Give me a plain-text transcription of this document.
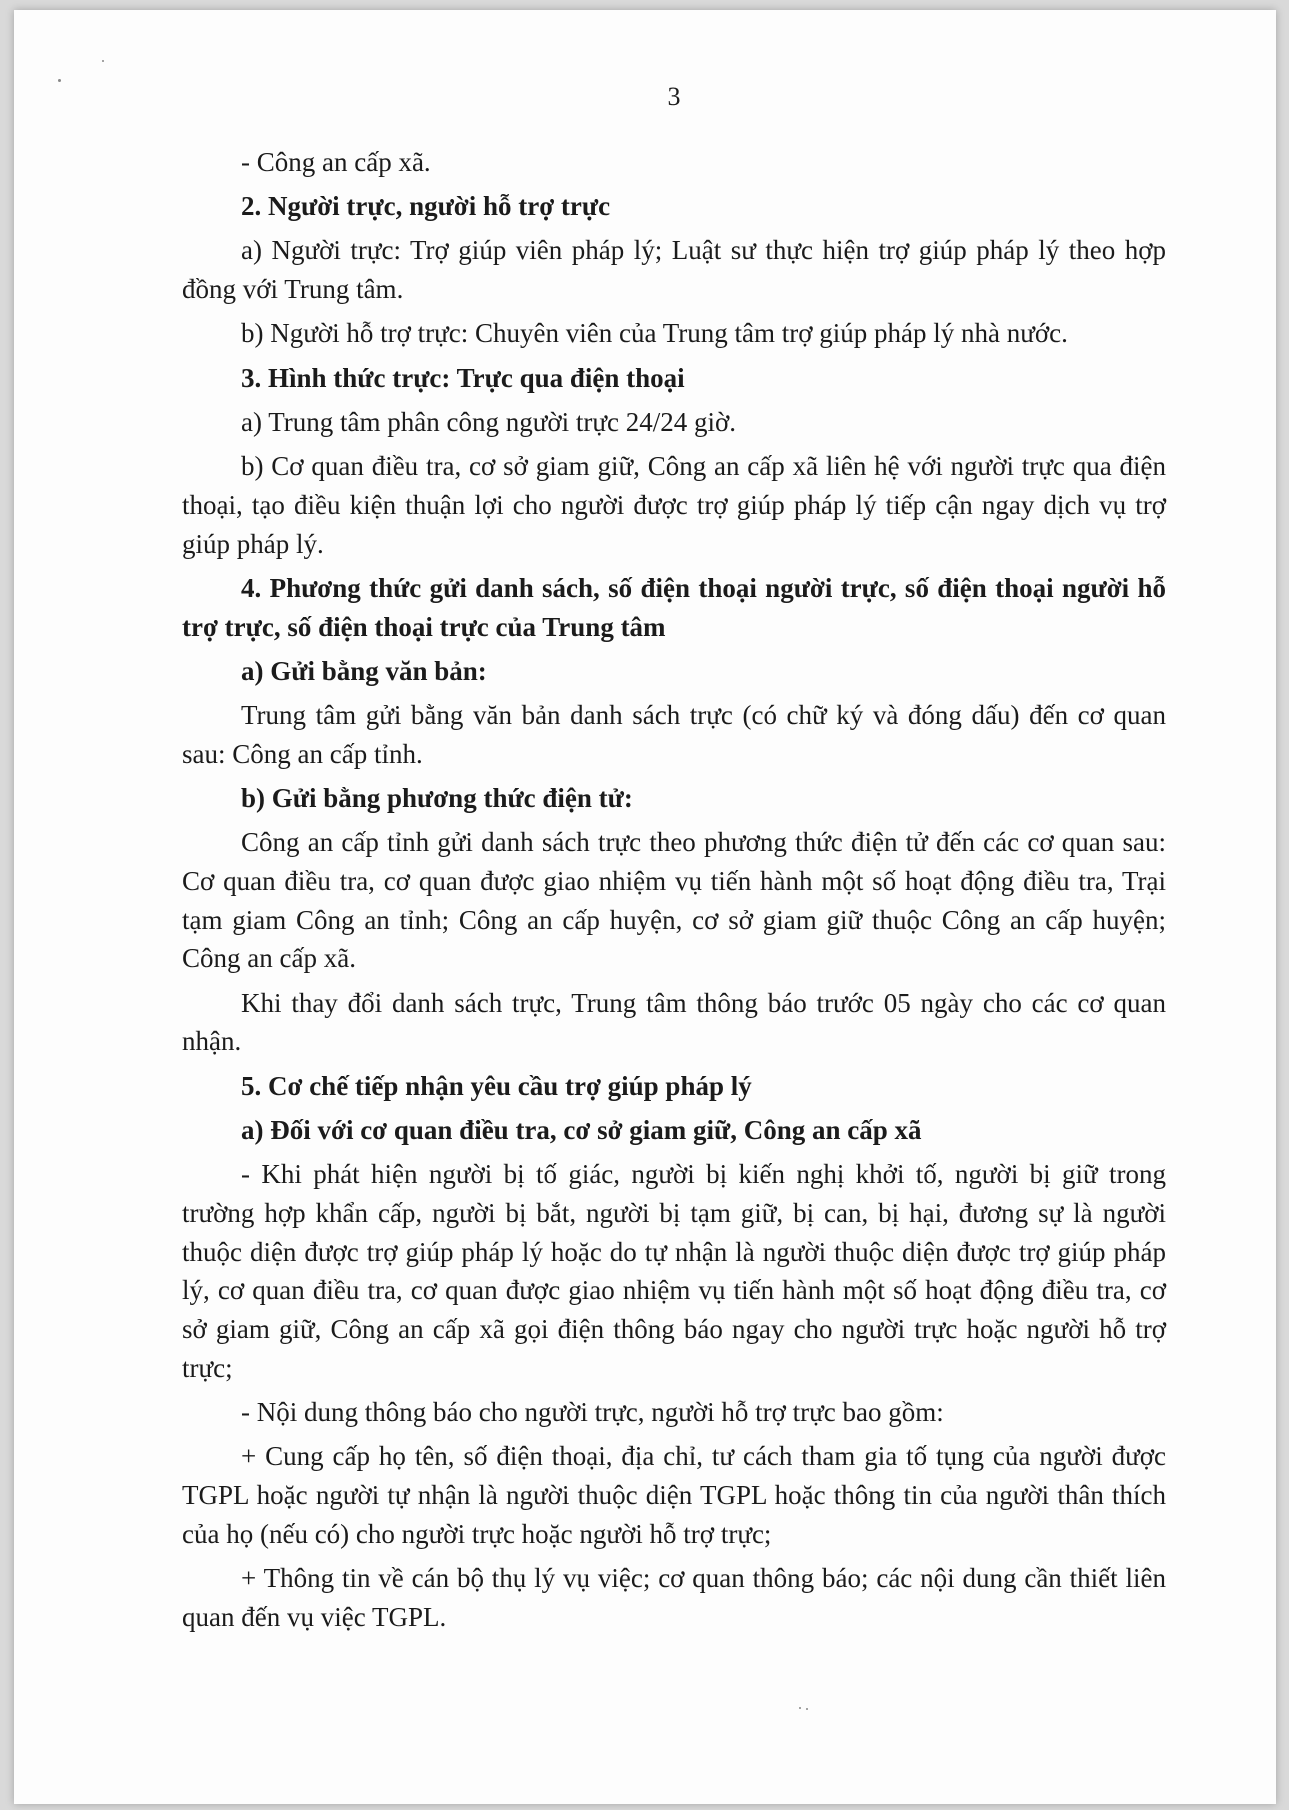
3

- Công an cấp xã.

2. Người trực, người hỗ trợ trực

a) Người trực: Trợ giúp viên pháp lý; Luật sư thực hiện trợ giúp pháp lý theo hợp đồng với Trung tâm.

b) Người hỗ trợ trực: Chuyên viên của Trung tâm trợ giúp pháp lý nhà nước.

3. Hình thức trực: Trực qua điện thoại

a) Trung tâm phân công người trực 24/24 giờ.

b) Cơ quan điều tra, cơ sở giam giữ, Công an cấp xã liên hệ với người trực qua điện thoại, tạo điều kiện thuận lợi cho người được trợ giúp pháp lý tiếp cận ngay dịch vụ trợ giúp pháp lý.

4. Phương thức gửi danh sách, số điện thoại người trực, số điện thoại người hỗ trợ trực, số điện thoại trực của Trung tâm

a) Gửi bằng văn bản:

Trung tâm gửi bằng văn bản danh sách trực (có chữ ký và đóng dấu) đến cơ quan sau: Công an cấp tỉnh.

b) Gửi bằng phương thức điện tử:

Công an cấp tỉnh gửi danh sách trực theo phương thức điện tử đến các cơ quan sau: Cơ quan điều tra, cơ quan được giao nhiệm vụ tiến hành một số hoạt động điều tra, Trại tạm giam Công an tỉnh; Công an cấp huyện, cơ sở giam giữ thuộc Công an cấp huyện; Công an cấp xã.

Khi thay đổi danh sách trực, Trung tâm thông báo trước 05 ngày cho các cơ quan nhận.

5. Cơ chế tiếp nhận yêu cầu trợ giúp pháp lý

a) Đối với cơ quan điều tra, cơ sở giam giữ, Công an cấp xã

- Khi phát hiện người bị tố giác, người bị kiến nghị khởi tố, người bị giữ trong trường hợp khẩn cấp, người bị bắt, người bị tạm giữ, bị can, bị hại, đương sự là người thuộc diện được trợ giúp pháp lý hoặc do tự nhận là người thuộc diện được trợ giúp pháp lý, cơ quan điều tra, cơ quan được giao nhiệm vụ tiến hành một số hoạt động điều tra, cơ sở giam giữ, Công an cấp xã gọi điện thông báo ngay cho người trực hoặc người hỗ trợ trực;

- Nội dung thông báo cho người trực, người hỗ trợ trực bao gồm:

+ Cung cấp họ tên, số điện thoại, địa chỉ, tư cách tham gia tố tụng của người được TGPL hoặc người tự nhận là người thuộc diện TGPL hoặc thông tin của người thân thích của họ (nếu có) cho người trực hoặc người hỗ trợ trực;

+ Thông tin về cán bộ thụ lý vụ việc; cơ quan thông báo; các nội dung cần thiết liên quan đến vụ việc TGPL.
